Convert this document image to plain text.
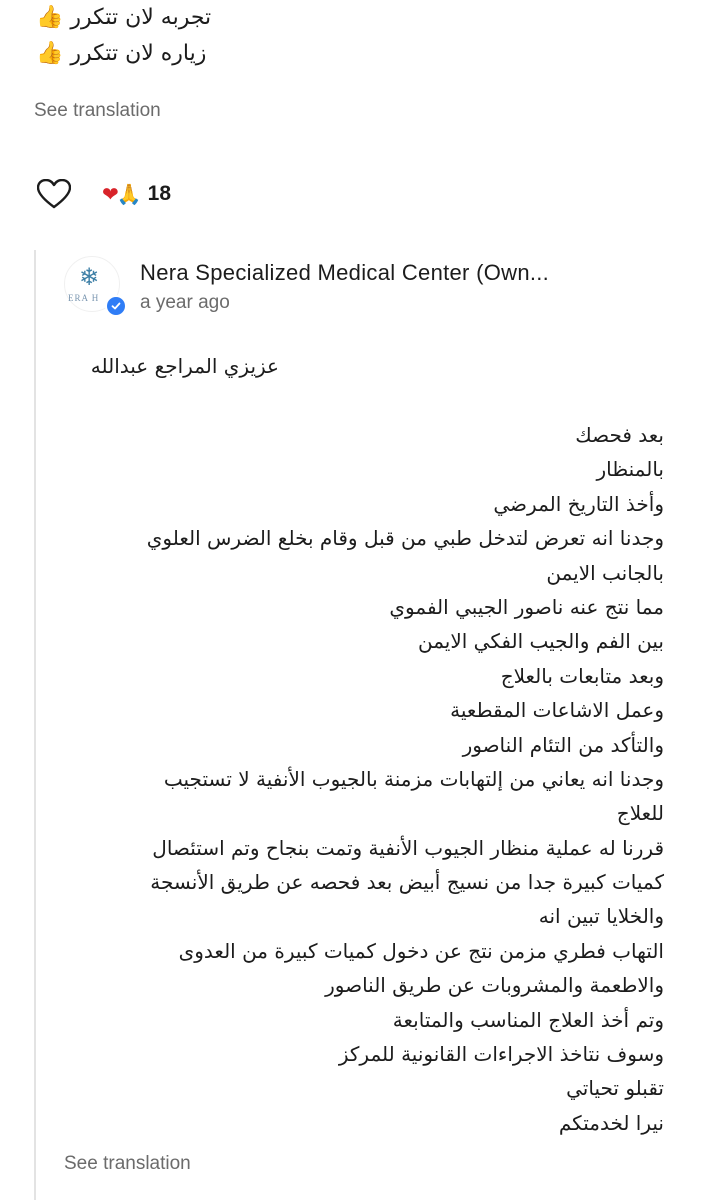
تجربه لان تتكرر 👍
زياره لان تتكرر 👍
See translation
❤
🙏 18
❄
ERA H
Nera Specialized Medical Center (Own...
a year ago
عزيزي المراجع عبدالله
بعد فحصك
بالمنظار
وأخذ التاريخ المرضي
وجدنا انه تعرض لتدخل طبي من قبل وقام بخلع الضرس العلوي
بالجانب الايمن
مما نتج عنه ناصور الجيبي الفموي
بين الفم والجيب الفكي الايمن
وبعد متابعات بالعلاج
وعمل الاشاعات المقطعية
والتأكد من التئام الناصور
وجدنا انه يعاني من إلتهابات مزمنة بالجيوب الأنفية لا تستجيب
للعلاج
قررنا له عملية منظار الجيوب الأنفية وتمت بنجاح وتم استئصال
كميات كبيرة جدا من نسيج أبيض بعد فحصه عن طريق الأنسجة
والخلايا تبين انه
التهاب فطري مزمن نتج عن دخول كميات كبيرة من العدوى
والاطعمة والمشروبات عن طريق الناصور
وتم أخذ العلاج المناسب والمتابعة
وسوف نتاخذ الاجراءات القانونية للمركز
تقبلو تحياتي
نيرا لخدمتكم
See translation
